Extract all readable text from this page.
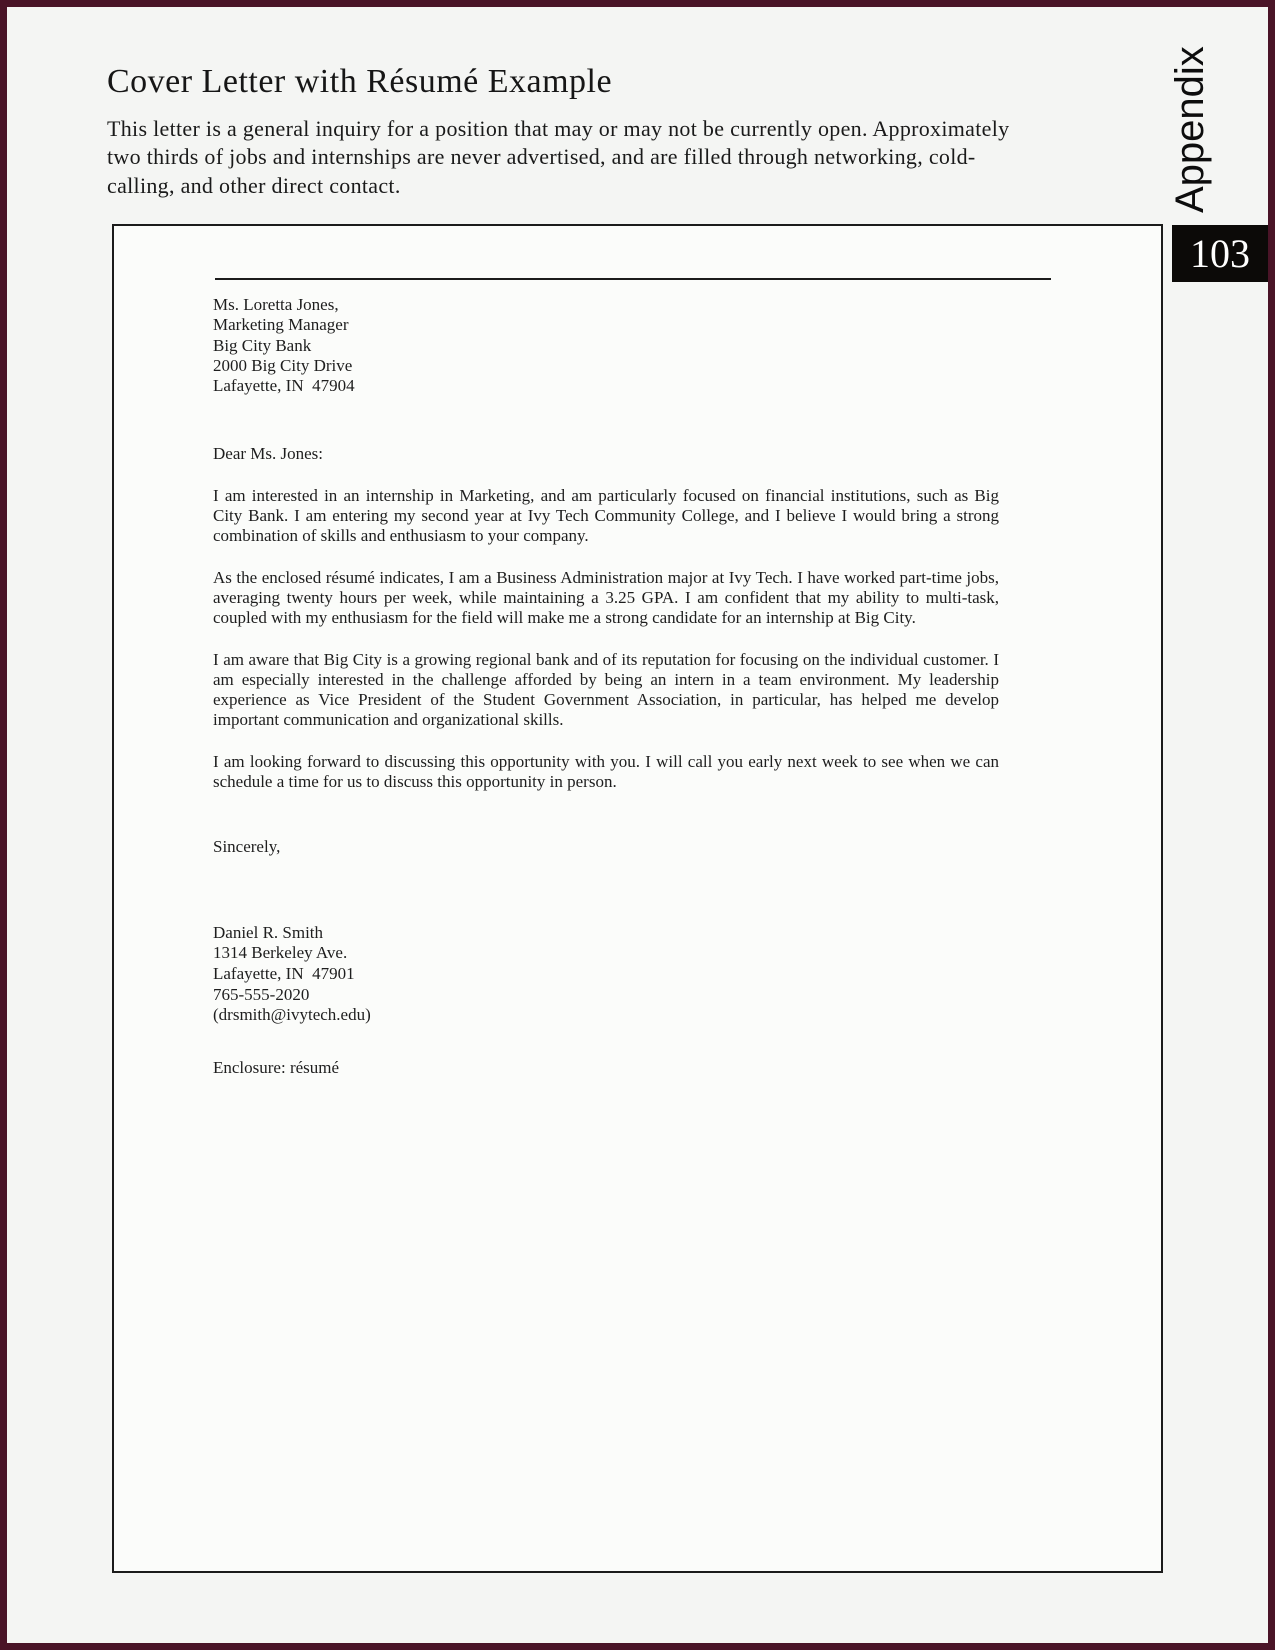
Cover Letter with Résumé Example
This letter is a general inquiry for a position that may or may not be currently open. Approximately
two thirds of jobs and internships are never advertised, and are filled through networking, cold-
calling, and other direct contact.	Appendix
103
Ms. Loretta Jones,
Marketing Manager
Big City Bank
2000 Big City Drive
Lafayette, IN  47904
Dear Ms. Jones:
I am interested in an internship in Marketing, and am particularly focused on financial institutions, such as Big City Bank. I am entering my second year at Ivy Tech Community College, and I believe I would bring a strong combination of skills and enthusiasm to your company.
As the enclosed résumé indicates, I am a Business Administration major at Ivy Tech. I have worked part-time jobs, averaging twenty hours per week, while maintaining a 3.25 GPA. I am confident that my ability to multi-task, coupled with my enthusiasm for the field will make me a strong candidate for an internship at Big City.
I am aware that Big City is a growing regional bank and of its reputation for focusing on the individual customer. I am especially interested in the challenge afforded by being an intern in a team environment. My leadership experience as Vice President of the Student Government Association, in particular, has helped me develop important communication and organizational skills.
I am looking forward to discussing this opportunity with you. I will call you early next week to see when we can schedule a time for us to discuss this opportunity in person.
Sincerely,
Daniel R. Smith
1314 Berkeley Ave.
Lafayette, IN  47901
765-555-2020
(drsmith@ivytech.edu)
Enclosure: résumé
